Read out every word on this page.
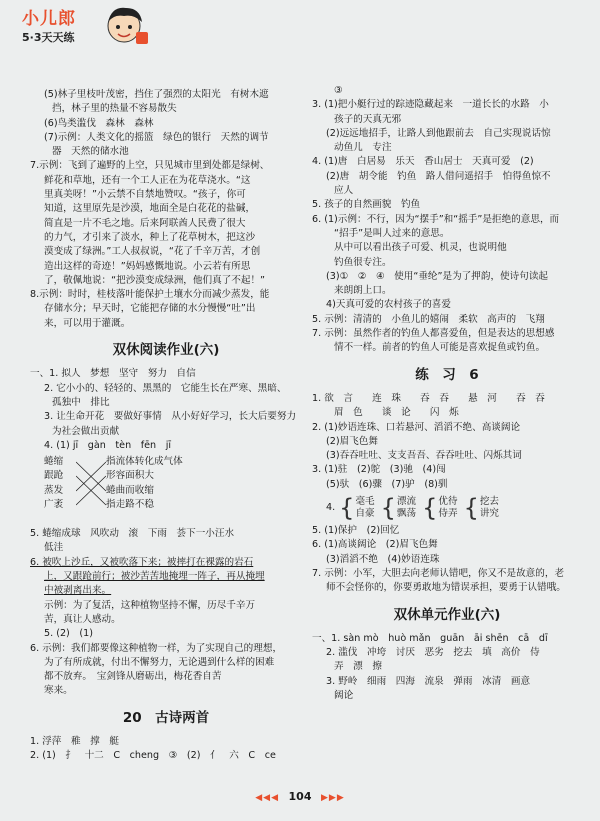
小儿郎
5·3天天练
(5)林子里枝叶茂密，挡住了强烈的太阳光　有树木遮
挡，林子里的热量不容易散失
(6)鸟类滥伐　森林　森林
(7)示例：人类文化的摇篮　绿色的银行　天然的调节
器　天然的储水池
7.示例：飞到了遍野的上空，只见城市里到处都是绿树、
鲜花和草地，还有一个工人正在为花草浇水。“这
里真美呀！”小云禁不自禁地赞叹。“孩子，你可
知道，这里原先是沙漠，地面全是白花花的盐碱，
简直是一片不毛之地。后来阿联酋人民费了很大
的力气，才引来了淡水，种上了花草树木，把这沙
漠变成了绿洲。”工人叔叔说，“花了千辛万苦，才创
造出这样的奇迹！”妈妈感慨地说。小云若有所思
了，敬佩地说：“把沙漠变成绿洲，他们真了不起！”
8.示例：时时，桂枝落叶能保护土壤水分而减少蒸发，能
存储水分；早天时，它能把存储的水分慢慢“吐”出
来，可以用于灌溉。
双休阅读作业(六)
一、1. 拟人　梦想　坚守　努力　自信
2. 它小小的、轻轻的、黑黑的　它能生长在严寒、黑暗、
孤独中　排比
3. 让生命开花　要做好事情　从小好好学习，长大后要努力
为社会做出贡献
4. (1) jī　gàn　tèn　fēn　jī
蜷缩
跟跄
蒸发
广袤
指流体转化成气体
形容面积大
蜷曲而收缩
指走路不稳
5. 蜷缩成球　风吹动　滚　下雨　荟下一小汪水
低洼
6. 被吹上沙丘，又被吹落下来；被摔打在裸露的岩石
上，又跟跄前行；被沙苦苦地掩埋一阵子，再从掩埋
中被剥离出来。
示例：为了复活，这种植物坚持不懈，历尽千辛万
苦，真让人感动。
5. (2)　(1)
6. 示例：我们都要像这种植物一样，为了实现自己的理想，
为了有所成就，付出不懈努力，无论遇到什么样的困难
都不放弃。　宝剑锋从磨砺出，梅花香自苦
寒来。
20　古诗两首
1. 浮萍　稚　撑　艇
2. (1)　扌　十二　C　cheng　③　(2)　亻　六　C　ce
③
3. (1)把小艇行过的踪迹隐藏起来　一道长长的水路　小
孩子的天真无邪
(2)远远地招手，让路人到他跟前去　自己实现说话惊
动鱼儿　专注
4. (1)唐　白居易　乐天　香山居士　天真可爱　(2)
(2)唐　胡令能　钓鱼　路人借问遥招手　怕得鱼惊不
应人
5. 孩子的自然画貌　钓鱼
6. (1)示例：不行，因为“摆手”和“摇手”是拒绝的意思，而
“招手”是叫人过来的意思。
从中可以看出孩子可爱、机灵，也说明他
钓鱼很专注。
(3)①　②　④　使用“垂纶”是为了押韵，使诗句读起
来朗朗上口。
4)天真可爱的农村孩子的喜爱
5. 示例：清清的　小鱼儿的嬉闹　柔软　高声的　飞翔
7. 示例：虽然作者的钓鱼人都喜爱鱼，但是表达的思想感
情不一样。前者的钓鱼人可能是喜欢捉鱼或钓鱼。
练　习　6
1. 欲　言　　连　珠　　吞　吞　　悬　河　　吞　吞
眉　色　　谈　论　　闪　烁
2. (1)妙语连珠、口若悬河、滔滔不绝、高谈阔论
(2)眉飞色舞
(3)吞吞吐吐、支支吾吾、吞吞吐吐、闪烁其词
3. (1)驻　(2)鸵　(3)驰　(4)闯
(5)驮　(6)骤　(7)驴　(8)驯
4. { 毫毛
自豪 { 漂流
飘荡 { 优待
侍弄 { 挖去
讲究
5. (1)保护　(2)回忆
6. (1)高谈阔论　(2)眉飞色舞
(3)滔滔不绝　(4)妙语连珠
7. 示例：小军，大胆去向老师认错吧，你又不是故意的，老
师不会怪你的，你要勇敢地为错误承担，要勇于认错哦。
双休单元作业(六)
一、1. sàn mò　huò mǎn　guān　āi shēn　cā　dī
2. 滥伐　冲垮　讨厌　恶劣　挖去　填　高价　侍
弄　漂　擦
3. 野岭　细雨　四海　流泉　弹雨　冰清　画意
阔论
◀◀◀ 104 ▶▶▶
